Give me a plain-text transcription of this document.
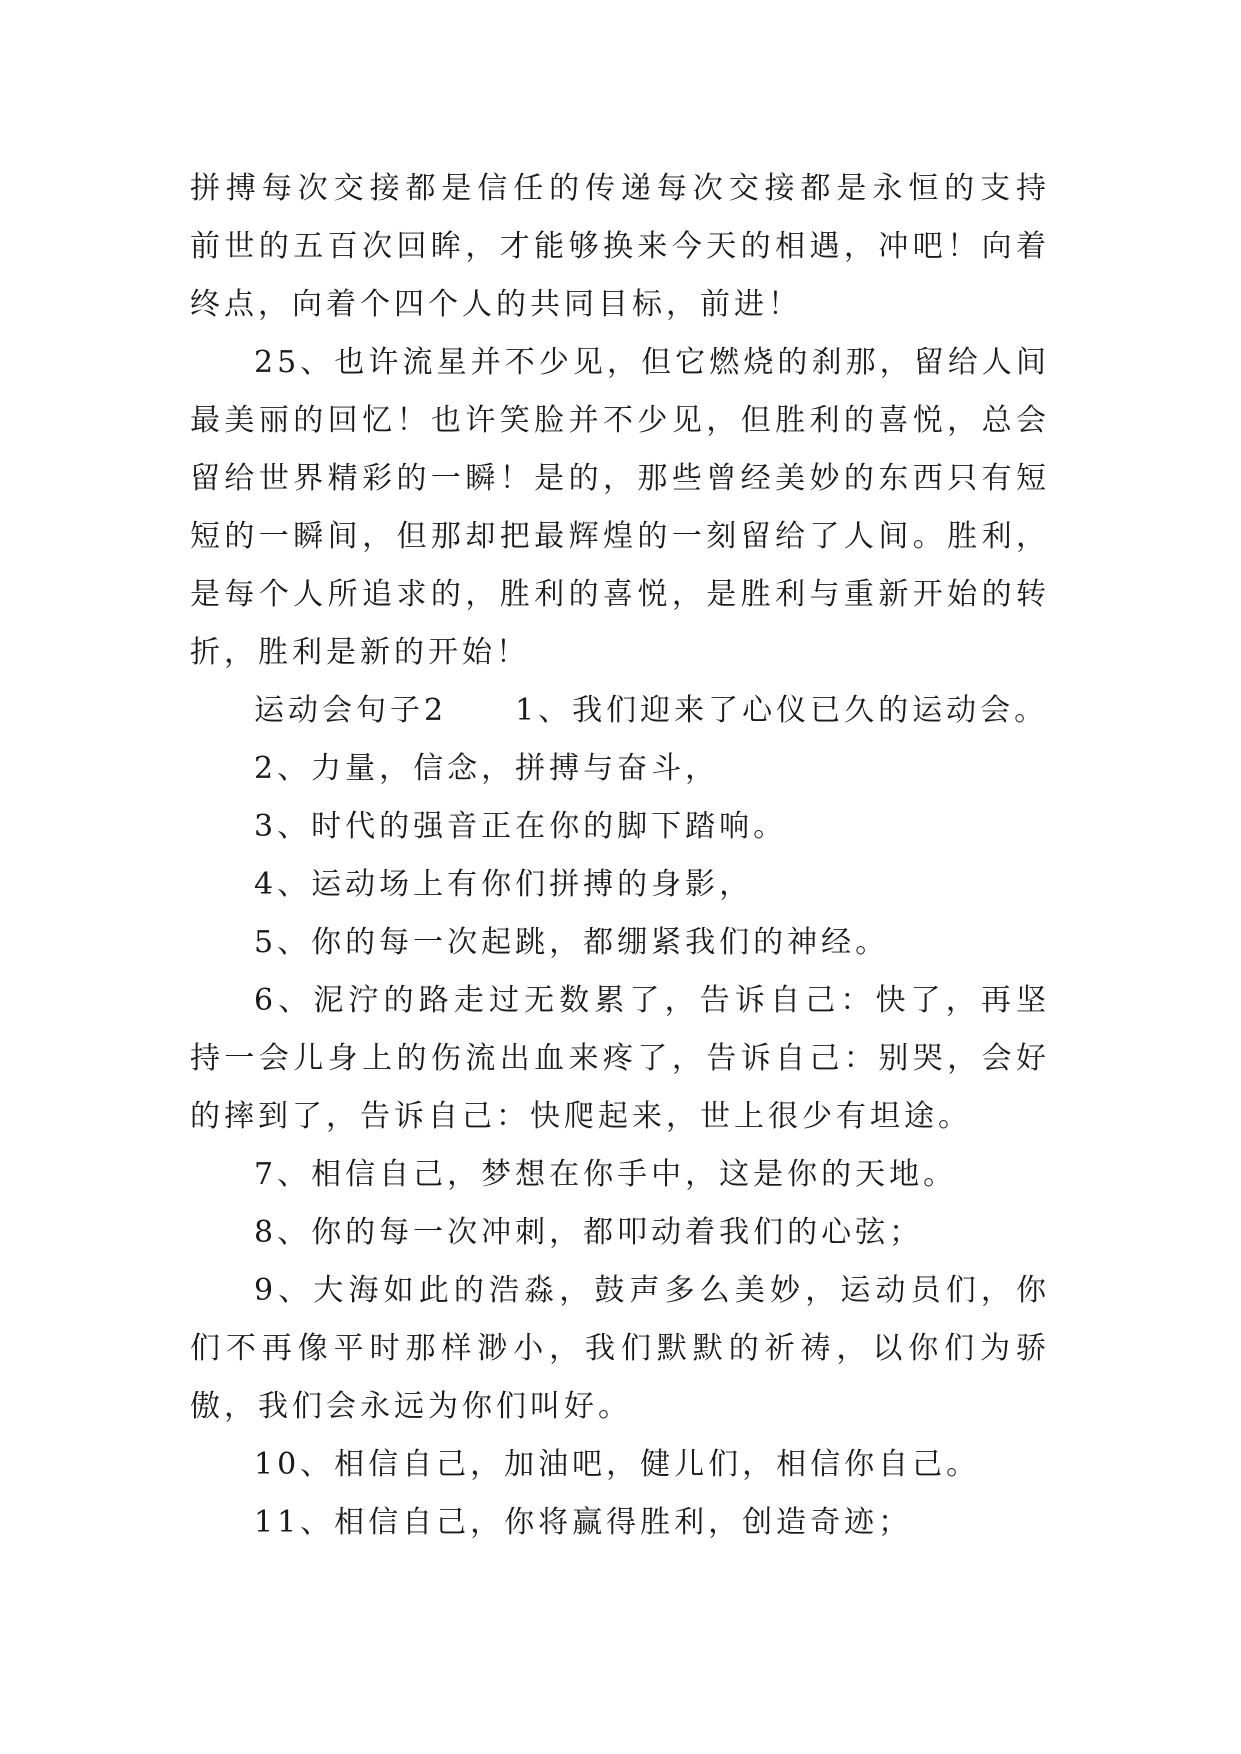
拼搏每次交接都是信任的传递每次交接都是永恒的支持 前世的五百次回眸，才能够换来今天的相遇，冲吧！向着终点，向着个四个人的共同目标，前进！

25、也许流星并不少见，但它燃烧的刹那，留给人间最美丽的回忆！也许笑脸并不少见，但胜利的喜悦，总会留给世界精彩的一瞬！是的，那些曾经美妙的东西只有短短的一瞬间，但那却把最辉煌的一刻留给了人间。胜利，是每个人所追求的，胜利的喜悦，是胜利与重新开始的转折，胜利是新的开始！

运动会句子2　　1、我们迎来了心仪已久的运动会。

2、力量，信念，拼搏与奋斗，

3、时代的强音正在你的脚下踏响。

4、运动场上有你们拼搏的身影，

5、你的每一次起跳，都绷紧我们的神经。

6、泥泞的路走过无数累了，告诉自己：快了，再坚持一会儿身上的伤流出血来疼了，告诉自己：别哭，会好的摔到了，告诉自己：快爬起来，世上很少有坦途。

7、相信自己，梦想在你手中，这是你的天地。

8、你的每一次冲刺，都叩动着我们的心弦；

9、大海如此的浩淼，鼓声多么美妙，运动员们，你们不再像平时那样渺小，我们默默的祈祷，以你们为骄傲，我们会永远为你们叫好。

10、相信自己，加油吧，健儿们，相信你自己。

11、相信自己，你将赢得胜利，创造奇迹；
